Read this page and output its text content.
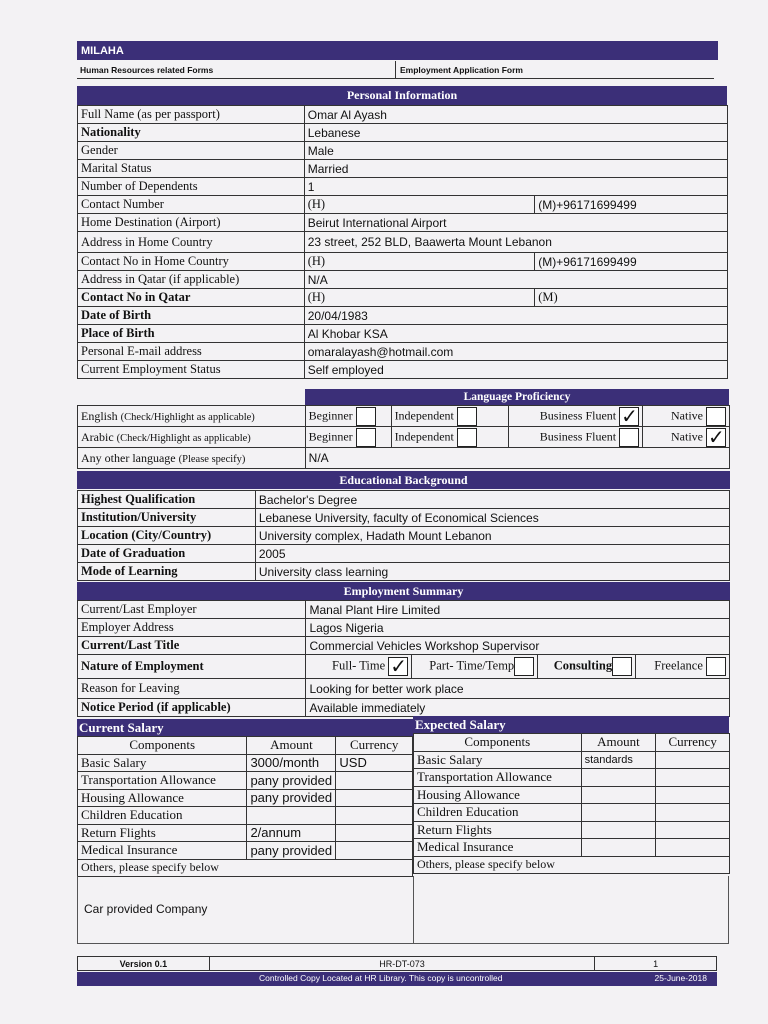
MILAHA
Human Resources related Forms	Employment Application Form
Personal Information
Full Name (as per passport)	Omar Al Ayash	
Nationality	Lebanese	
Gender	Male	
Marital Status	Married	
Number of Dependents	1	
Contact Number	(H)	(M)+96171699499
Home Destination (Airport)	Beirut International Airport	
Address in Home Country	23 street, 252 BLD, Baawerta Mount Lebanon	
Contact No in Home Country	(H)	(M)+96171699499
Address in Qatar (if applicable)	N/A	
Contact No in Qatar	(H)	(M)
Date of Birth	20/04/1983	
Place of Birth	Al Khobar KSA	
Personal E-mail address	omaralayash@hotmail.com	
Current Employment Status	Self employed	
Language Proficiency
English (Check/Highlight as applicable)	Beginner	Independent	Business Fluent ✓	Native
Arabic (Check/Highlight as applicable)	Beginner	Independent	Business Fluent	Native ✓
Any other language (Please specify)	N/A			
Educational Background
Highest Qualification	Bachelor's Degree
Institution/University	Lebanese University, faculty of Economical Sciences
Location (City/Country)	University complex, Hadath Mount Lebanon
Date of Graduation	2005
Mode of Learning	University class learning
Employment Summary
Current/Last Employer	Manal Plant Hire Limited			
Employer Address	Lagos Nigeria			
Current/Last Title	Commercial Vehicles Workshop Supervisor			
Nature of Employment	Full- Time ✓	Part- Time/Temp	Consulting	Freelance
Reason for Leaving	Looking for better work place			
Notice Period (if applicable)	Available immediately			
Current Salary	Expected Salary
Components	Amount	Currency
Basic Salary	3000/month	USD
Transportation Allowance	pany provided	
Housing Allowance	pany provided	
Children Education		
Return Flights	2/annum	
Medical Insurance	pany provided	
Others, please specify below		
Components	Amount	Currency
Basic Salary	standards	
Transportation Allowance		
Housing Allowance		
Children Education		
Return Flights		
Medical Insurance		
Others, please specify below		
Car provided Company
Version 0.1	HR-DT-073	1
Controlled Copy Located at HR Library. This copy is uncontrolled	25-June-2018
